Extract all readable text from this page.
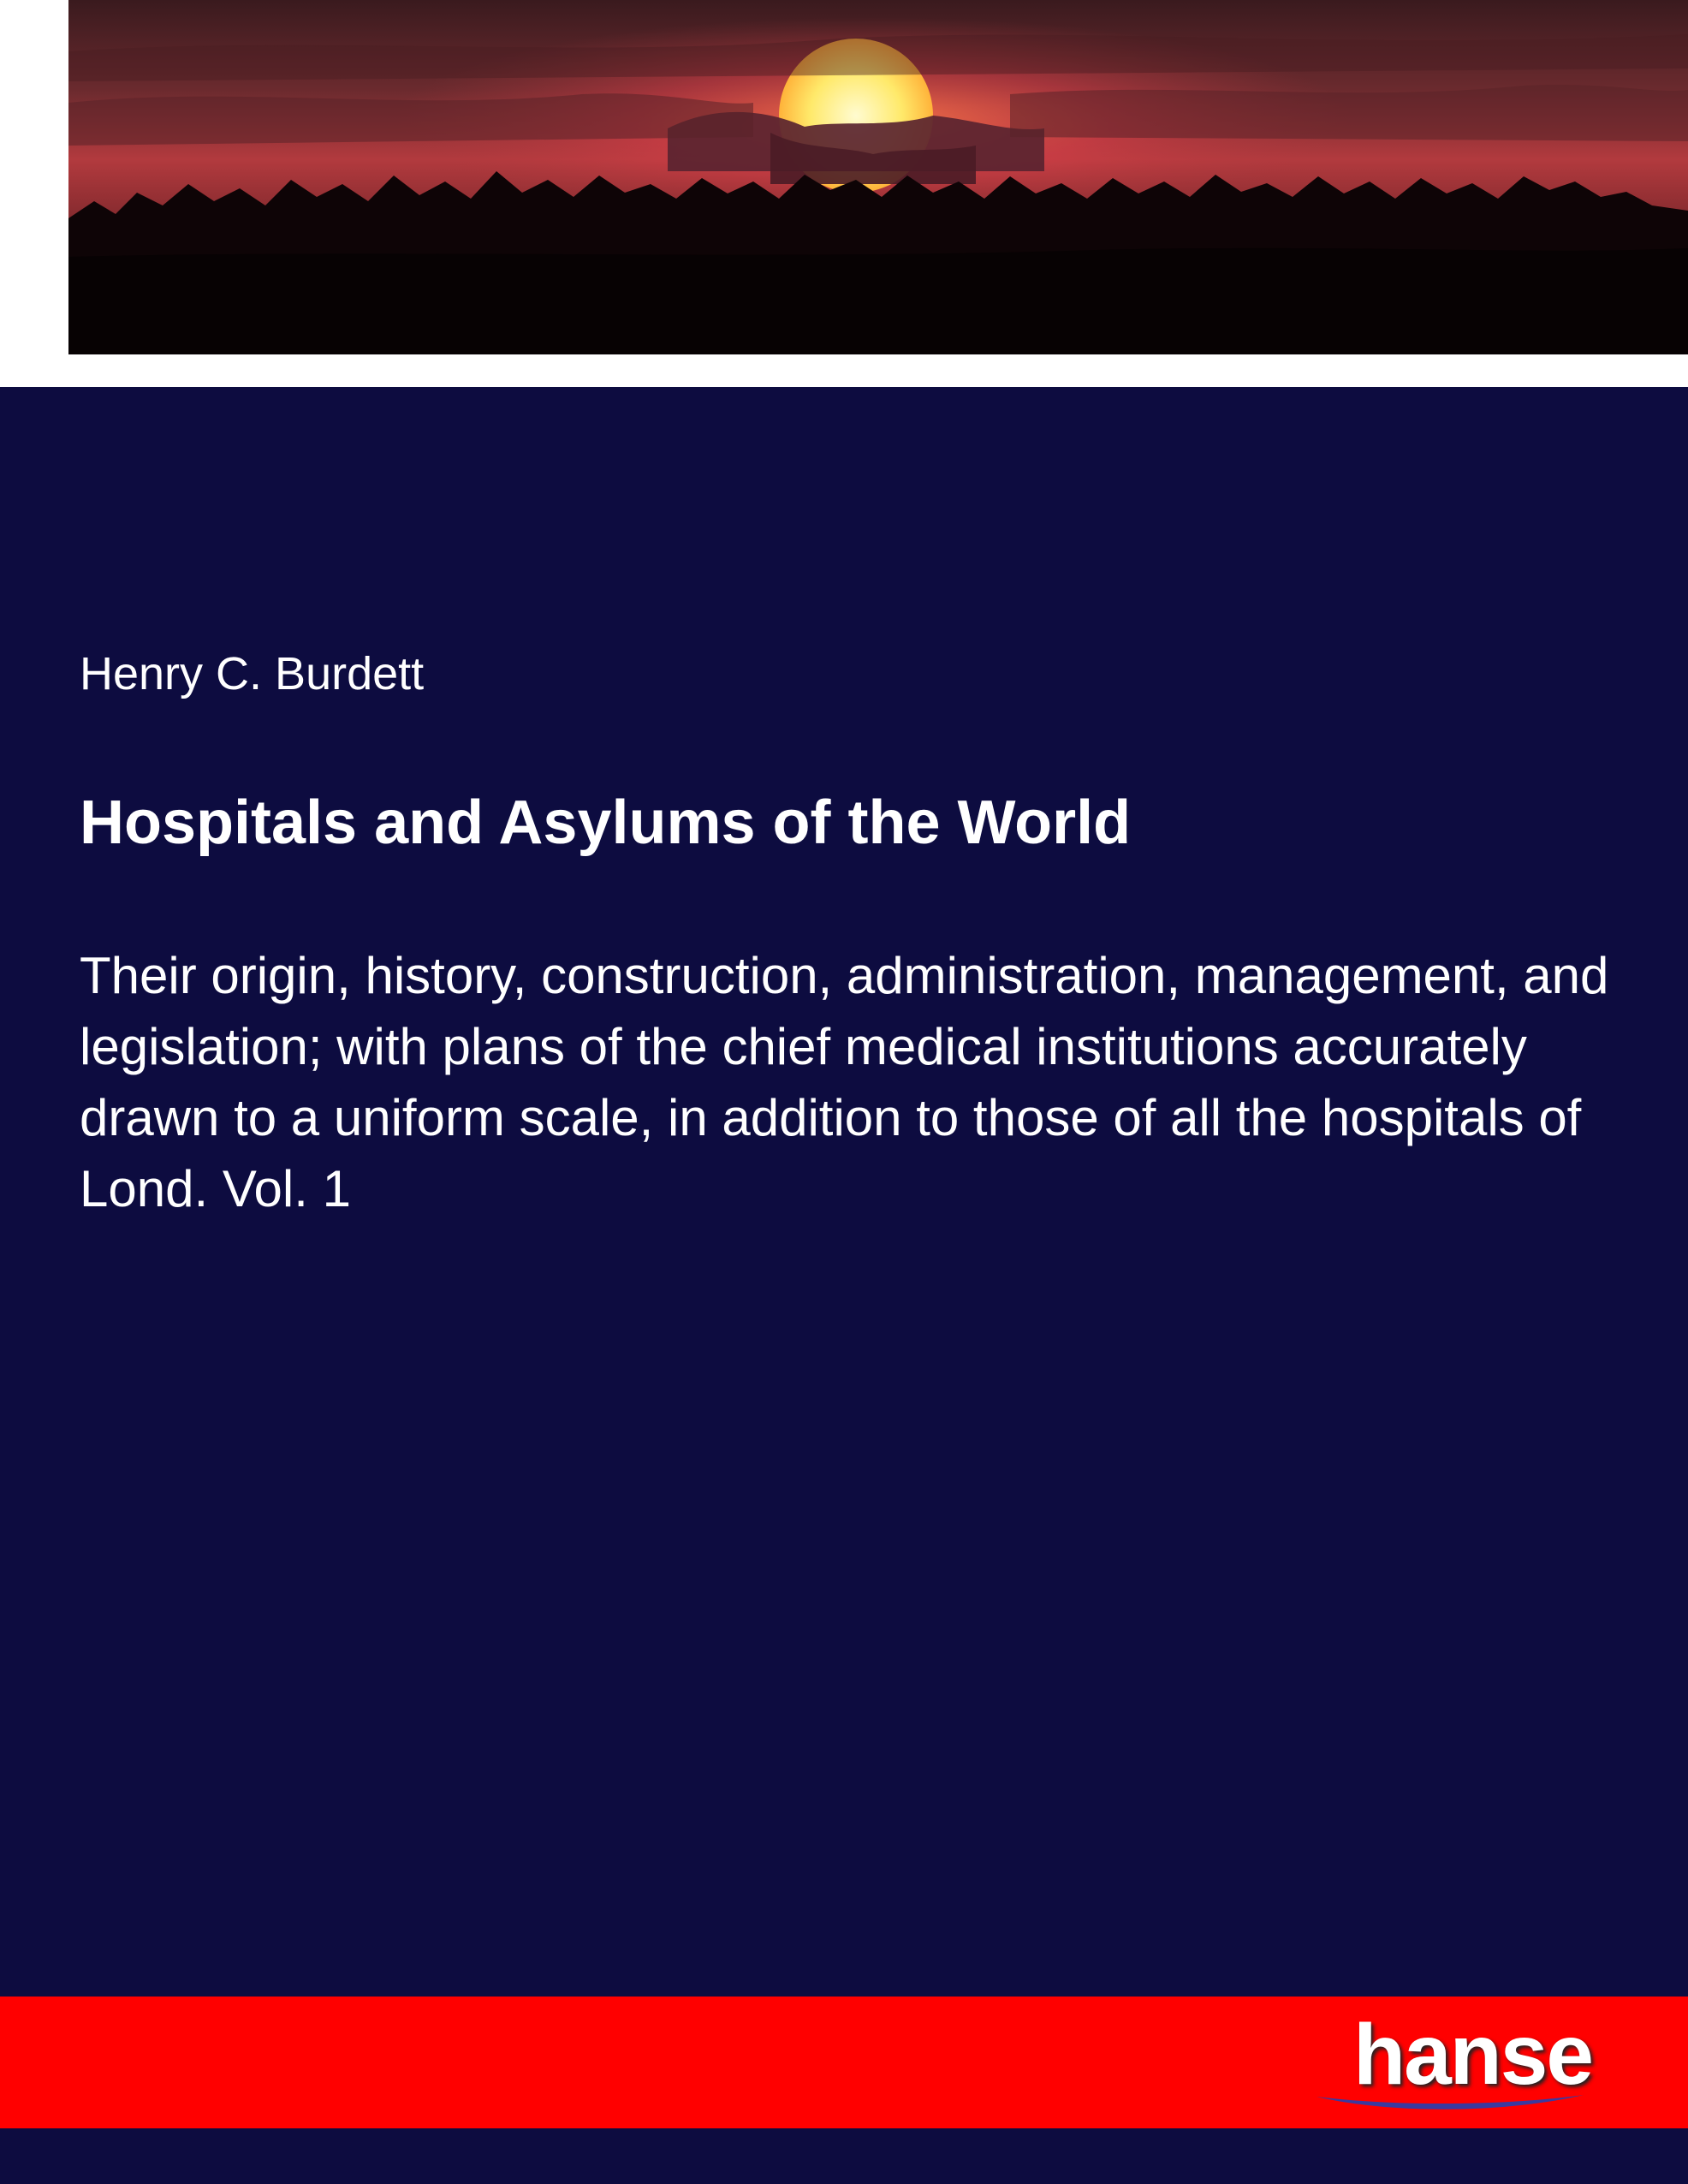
Henry C. Burdett
Hospitals and Asylums of the World
Their origin, history, construction, administration, management, and legislation; with plans of the chief medical institutions accurately drawn to a uniform scale, in addition to those of all the hospitals of Lond. Vol. 1
hanse
